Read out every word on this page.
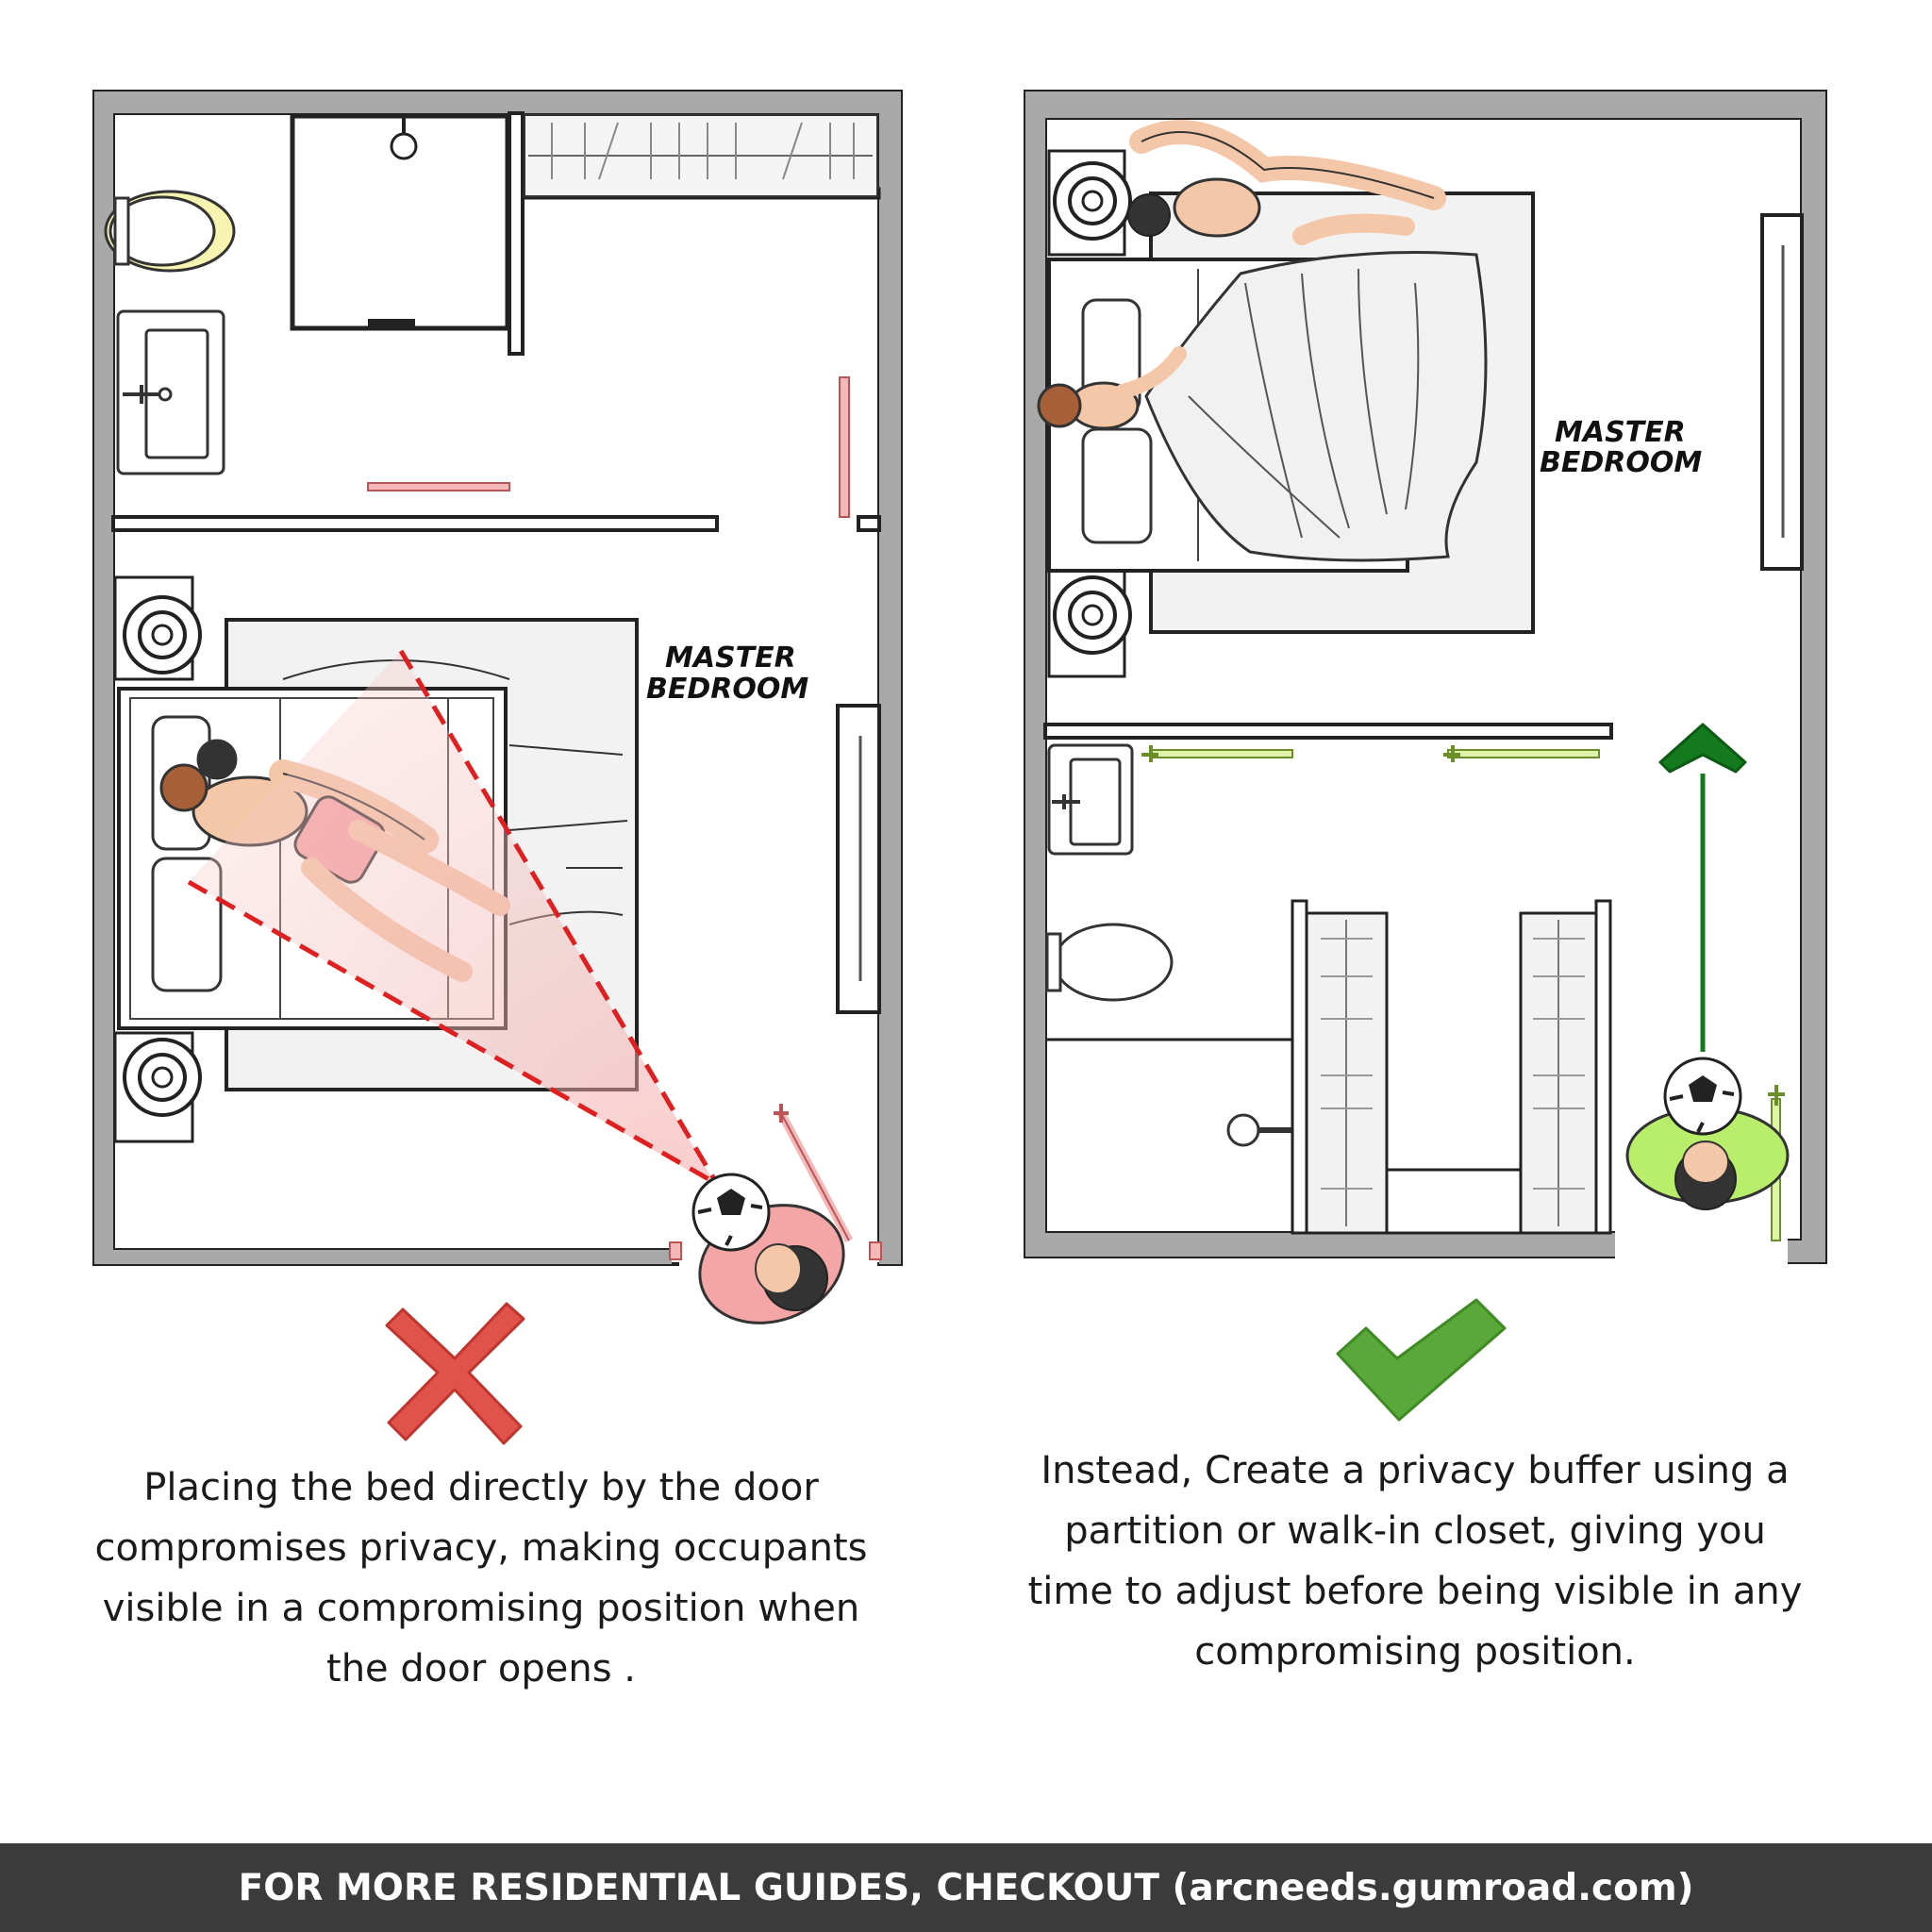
MASTER
BEDROOM
MASTER
BEDROOM
Placing the bed directly by the door compromises privacy, making occupants visible in a compromising position when the door opens .
Instead, Create a privacy buffer using a partition or walk-in closet, giving you time to adjust before being visible in any compromising position.
FOR MORE RESIDENTIAL GUIDES, CHECKOUT (arcneeds.gumroad.com)
